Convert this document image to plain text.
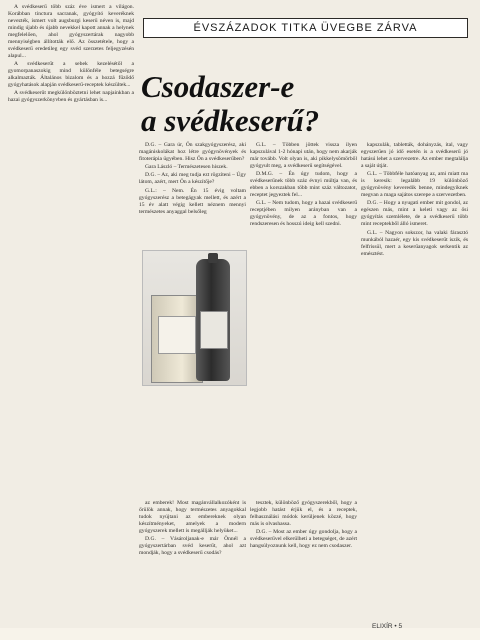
A svédkeserű több száz éve ismert a világon. Korábban tinctura sacranak, gyógyító keveréknek nevezték, ismert volt augsburgi keserű néven is, majd mindig újabb és újabb nevekkel kapott annak a helynek megfelelően, ahol gyógyszertárak nagyobb mennyiségben állították elő. Az összetétele, hogy a svédkeserű eredetileg egy svéd szerzetes feljegyzésén alapul...

A svédkeserűt a sebek kezelésétől a gyomorpanaszokig mind különféle betegségre alkalmazták. Általános bizalom és a hozzá fűződő gyógyhatások alapján svédkeserű-receptek készültek...

A svédkeserűt megkülönböztetni lehet napjainkban a hazai gyógyszerkönyvben és gyártásban is...

ÉVSZÁZADOK TITKA ÜVEGBE ZÁRVA
Csodaszer-e
a svédkeserű?

D.G. – Gara úr, Ön szakgyógyszerész, aki magániskolákat hoz létre gyógynövények és fitoterápia ügyében. Hisz Ön a svédkeserűben?

Gara László – Természetesen hiszek.

D.G. – Az, aki meg tudja ezt rögzíteni – Úgy látom, azért, mert Ön a készítője?

G.L.: – Nem. Én 15 évig voltam gyógyszerész a betegágyak mellett, és azért a 15 év alatt végig kellett néznem mennyi természetes anyaggal belsőleg

az emberek! Most magánvállalkozóként is őrülök annak, hogy természetes anyagokkal tudok nyújtani az embereknek olyan készítményeket, amelyek a modern gyógyszerek mellett is megállják helyüket...

D.G. – Vásároljanak-e már Önnél a gyógyszertárban svéd keserűt, ahol azt mondják, hogy a svédkeserű csodás?

G.L. – Többen jöttek vissza ilyen kapszulával 1-2 hónapi után, hogy nem akarják már tovább. Volt olyan is, aki pikkelysömörből gyógyult meg, a svédkeserű segítségével.

D.M.G. – Én úgy tudom, hogy a svédkeserűnek több száz évnyi múltja van, és ebben a korszakban több mint száz változatot, receptet jegyeztek fel...

G.L. – Nem tudom, hogy a hazai svédkeserű receptjében milyen arányban van a gyógynövény, de az a fontos, hogy rendszeresen és hosszú ideig kell szedni.

tesztek, különböző gyógyszerekből, hogy a legjobb hatást érjük el, és a receptek, felhasználási módok kerüljenek közzé, hogy más is olvashassa.

D.G. – Most az ember úgy gondolja, hogy a svédkeserűvel elkerülheti a betegséget, de azért hangsúlyoznunk kell, hogy ez nem csodaszer.

kapszulák, tabletták, dohányzás, ital, vagy egyszerűen jó idő esetén is a svédkeserű jó hatású lehet a szervezetre. Az ember megtalálja a saját útját.

G.L. – Többféle hatóanyag az, ami miatt ma is keresik: legalább 19 különböző gyógynövény keveredik benne, mindegyiknek megvan a maga sajátos szerepe a szervezetben.

D.G. – Hogy a nyugati ember mit gondol, az egészen más, mint a keleti vagy az ősi gyógyítás szemlélete, de a svédkeserű több mint receptekből álló ismeret.

G.L. – Nagyon sokszor, ha valaki fárasztó munkából hazaér, egy kis svédkeserűt iszik, és felfrissül, mert a keserűanyagok serkentik az emésztést.

ELIXÍR • 5
